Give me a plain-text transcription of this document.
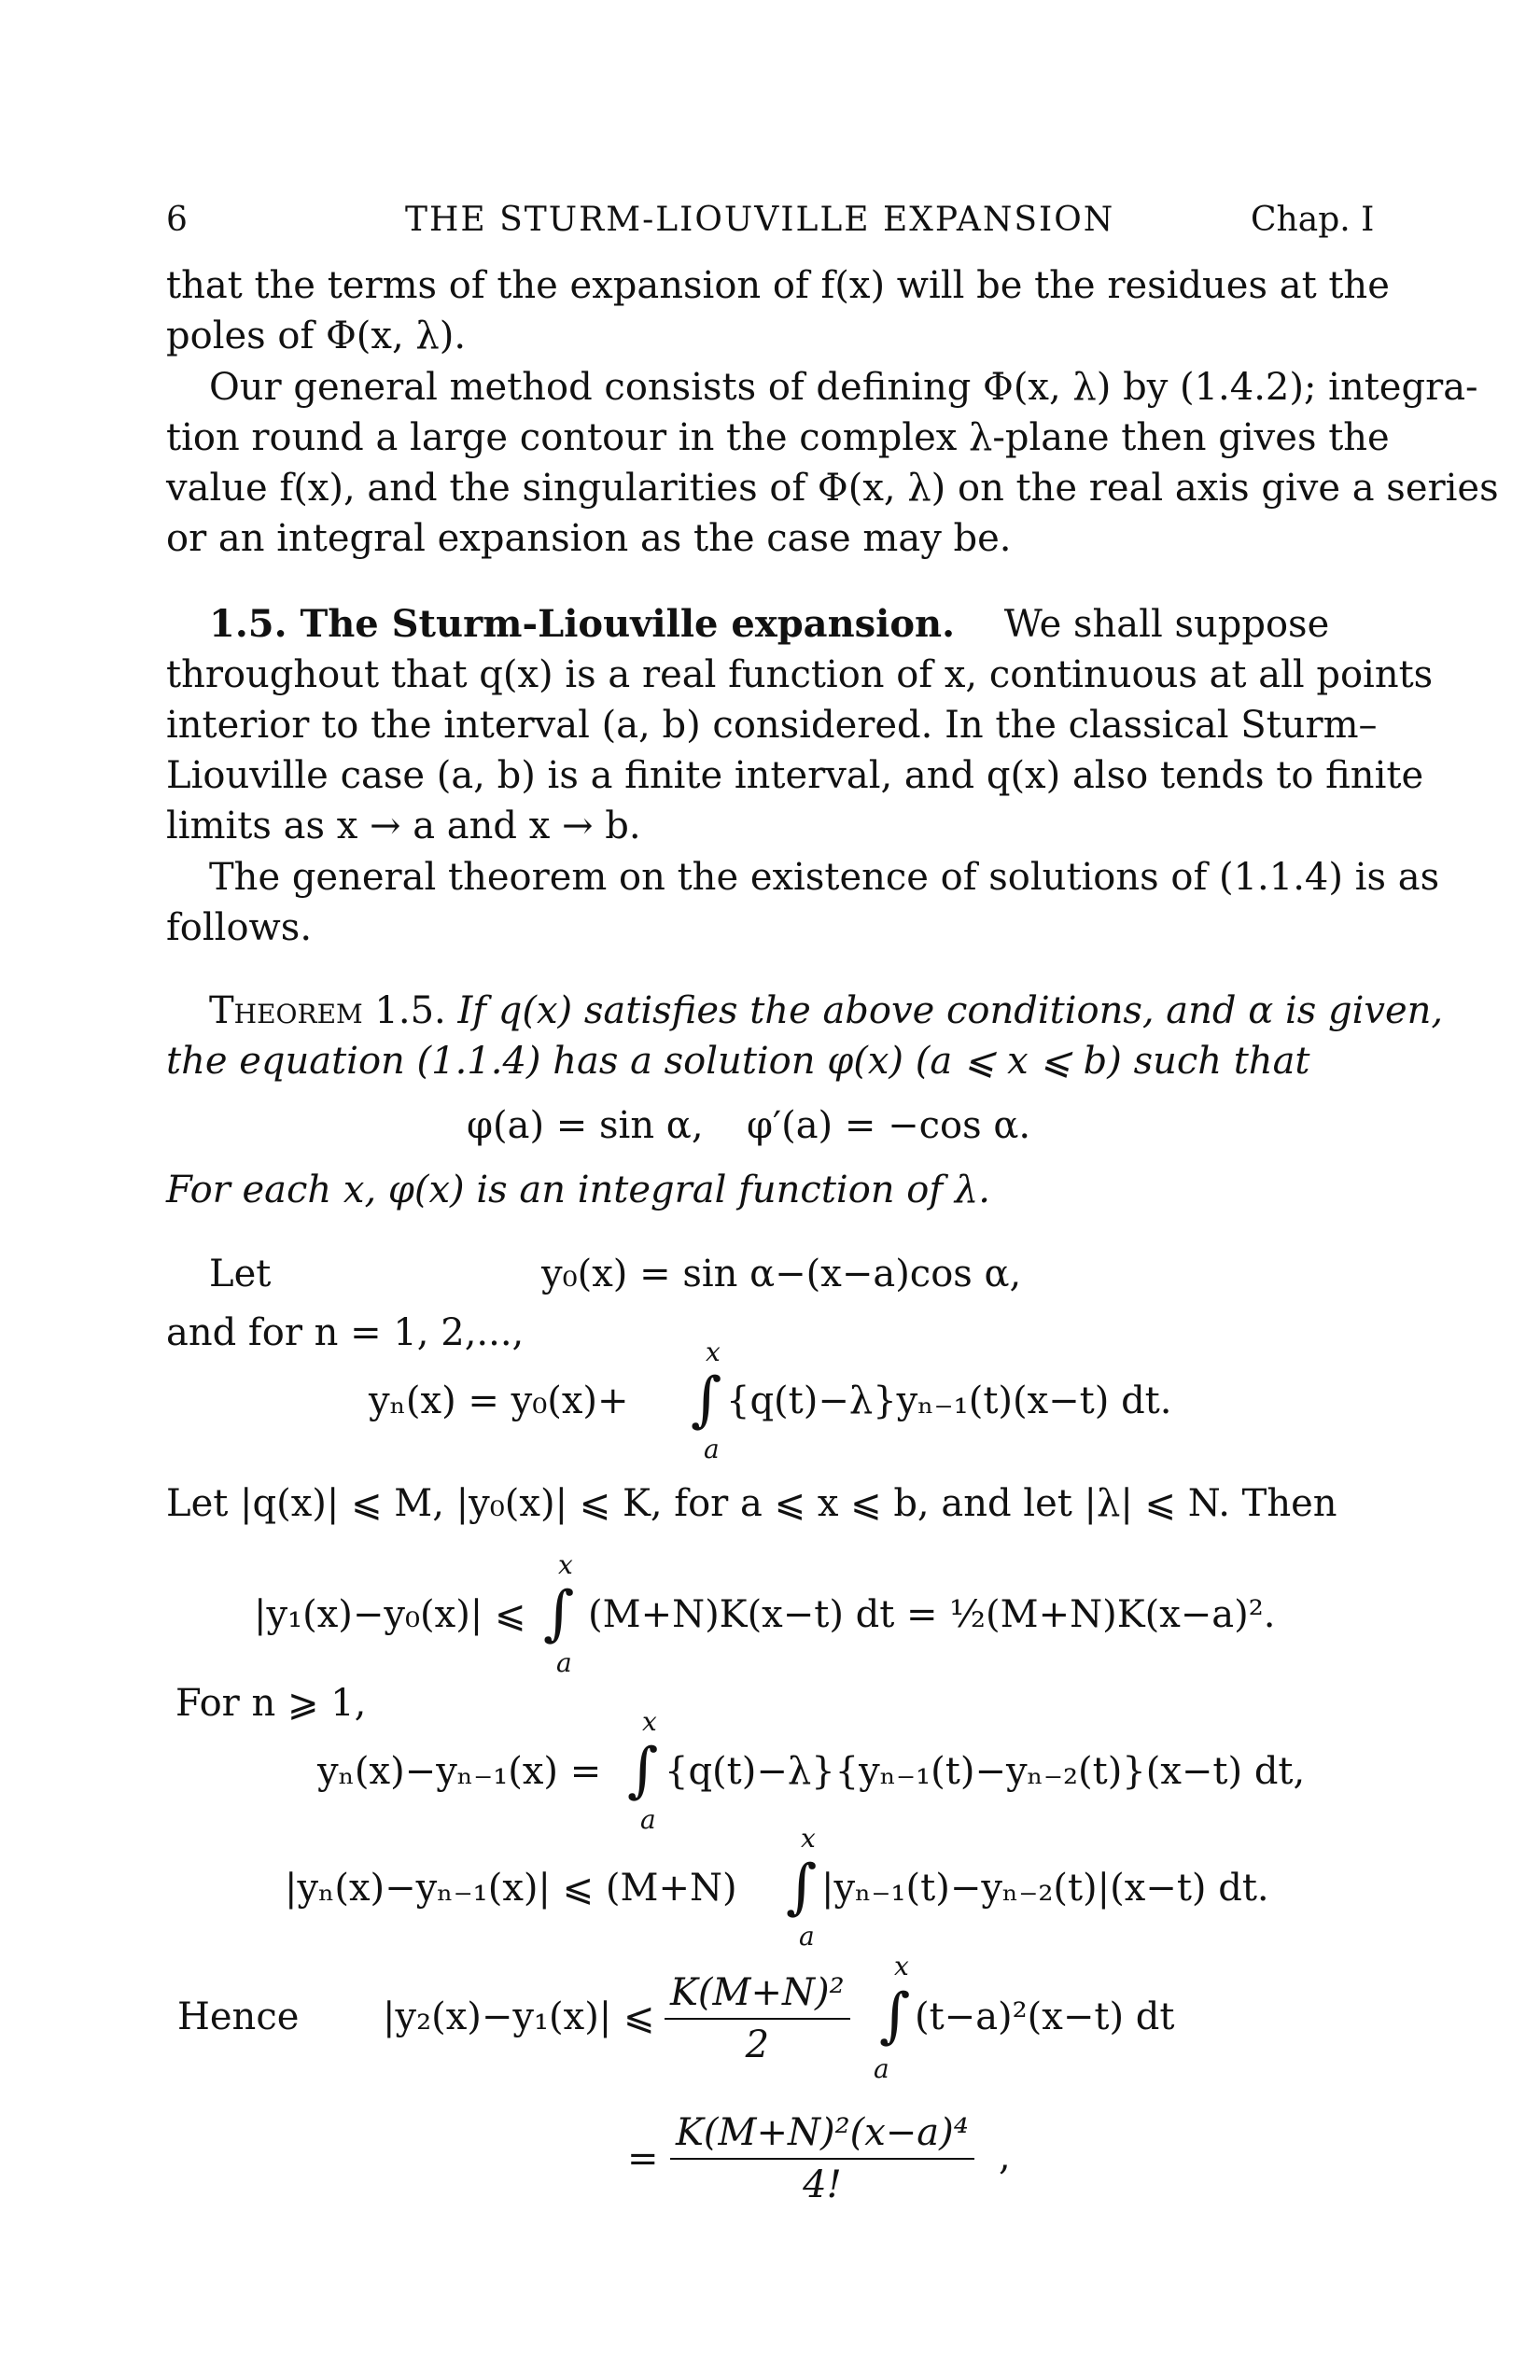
6	THE STURM-LIOUVILLE EXPANSION	Chap. I
that the terms of the expansion of f(x) will be the residues at the
poles of Φ(x, λ).
Our general method consists of defining Φ(x, λ) by (1.4.2); integra-
tion round a large contour in the complex λ-plane then gives the
value f(x), and the singularities of Φ(x, λ) on the real axis give a series
or an integral expansion as the case may be.
1.5. The Sturm-Liouville expansion. We shall suppose
throughout that q(x) is a real function of x, continuous at all points
interior to the interval (a, b) considered. In the classical Sturm–
Liouville case (a, b) is a finite interval, and q(x) also tends to finite
limits as x → a and x → b.
The general theorem on the existence of solutions of (1.1.4) is as
follows.
Theorem 1.5. If q(x) satisfies the above conditions, and α is given,
the equation (1.1.4) has a solution φ(x) (a ⩽ x ⩽ b) such that
φ(a) = sin α, φ′(a) = −cos α.
For each x, φ(x) is an integral function of λ.
Let	y₀(x) = sin α−(x−a)cos α,
and for n = 1, 2,...,
yₙ(x) = y₀(x)+
x
∫
a
{q(t)−λ}yₙ₋₁(t)(x−t) dt.
Let |q(x)| ⩽ M, |y₀(x)| ⩽ K, for a ⩽ x ⩽ b, and let |λ| ⩽ N. Then
|y₁(x)−y₀(x)| ⩽
x
∫
a
(M+N)K(x−t) dt = ½(M+N)K(x−a)².
For n ⩾ 1,
yₙ(x)−yₙ₋₁(x) =
x
∫
a
{q(t)−λ}{yₙ₋₁(t)−yₙ₋₂(t)}(x−t) dt,
|yₙ(x)−yₙ₋₁(x)| ⩽ (M+N)
x
∫
a
|yₙ₋₁(t)−yₙ₋₂(t)|(x−t) dt.
Hence |y₂(x)−y₁(x)| ⩽ $\frac{\text{K(M+N)²}}{2}$
x
∫
a
(t−a)²(x−t) dt
= $\frac{\text{K(M+N)²(x−a)⁴}}{4!}$ ,
